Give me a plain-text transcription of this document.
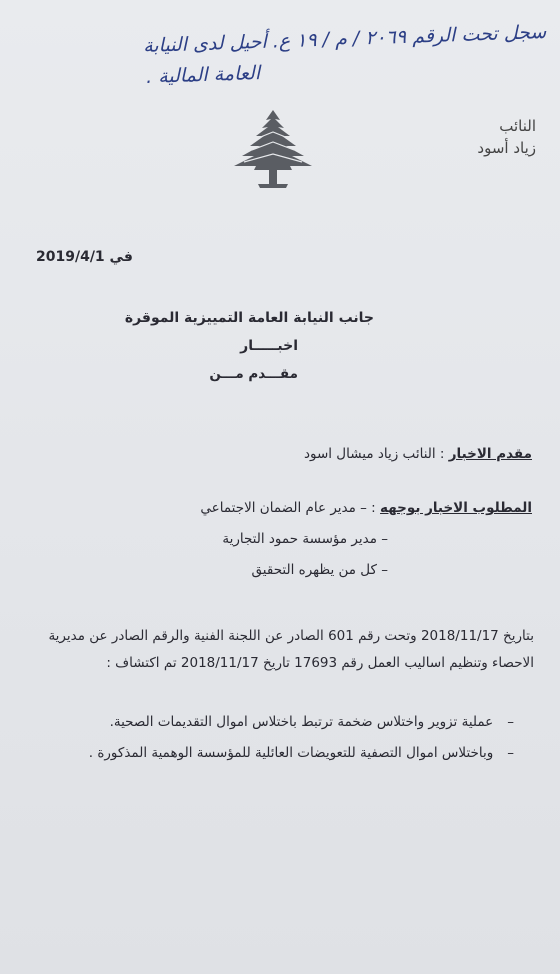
سجل تحت الرقم ٢٠٦٩ / م / ١٩ ع. أحيل لدى النيابة
العامة المالية .
النائب
زياد أسود
في 2019/4/1
جانب النيابة العامة التمييزية الموقرة
اخبـــــار
مقـــدم مـــن
مقدم الاخبار : النائب زياد ميشال اسود
المطلوب الاخبار بوجهه : – مدير عام الضمان الاجتماعي
– مدير مؤسسة حمود التجارية
– كل من يظهره التحقيق
بتاريخ 2018/11/17 وتحت رقم 601 الصادر عن اللجنة الفنية والرقم الصادر عن مديرية
الاحصاء وتنظيم اساليب العمل رقم 17693 تاريخ 2018/11/17 تم اكتشاف :
–عملية تزوير واختلاس ضخمة ترتبط باختلاس اموال التقديمات الصحية.
–وباختلاس اموال التصفية للتعويضات العائلية للمؤسسة الوهمية المذكورة .
